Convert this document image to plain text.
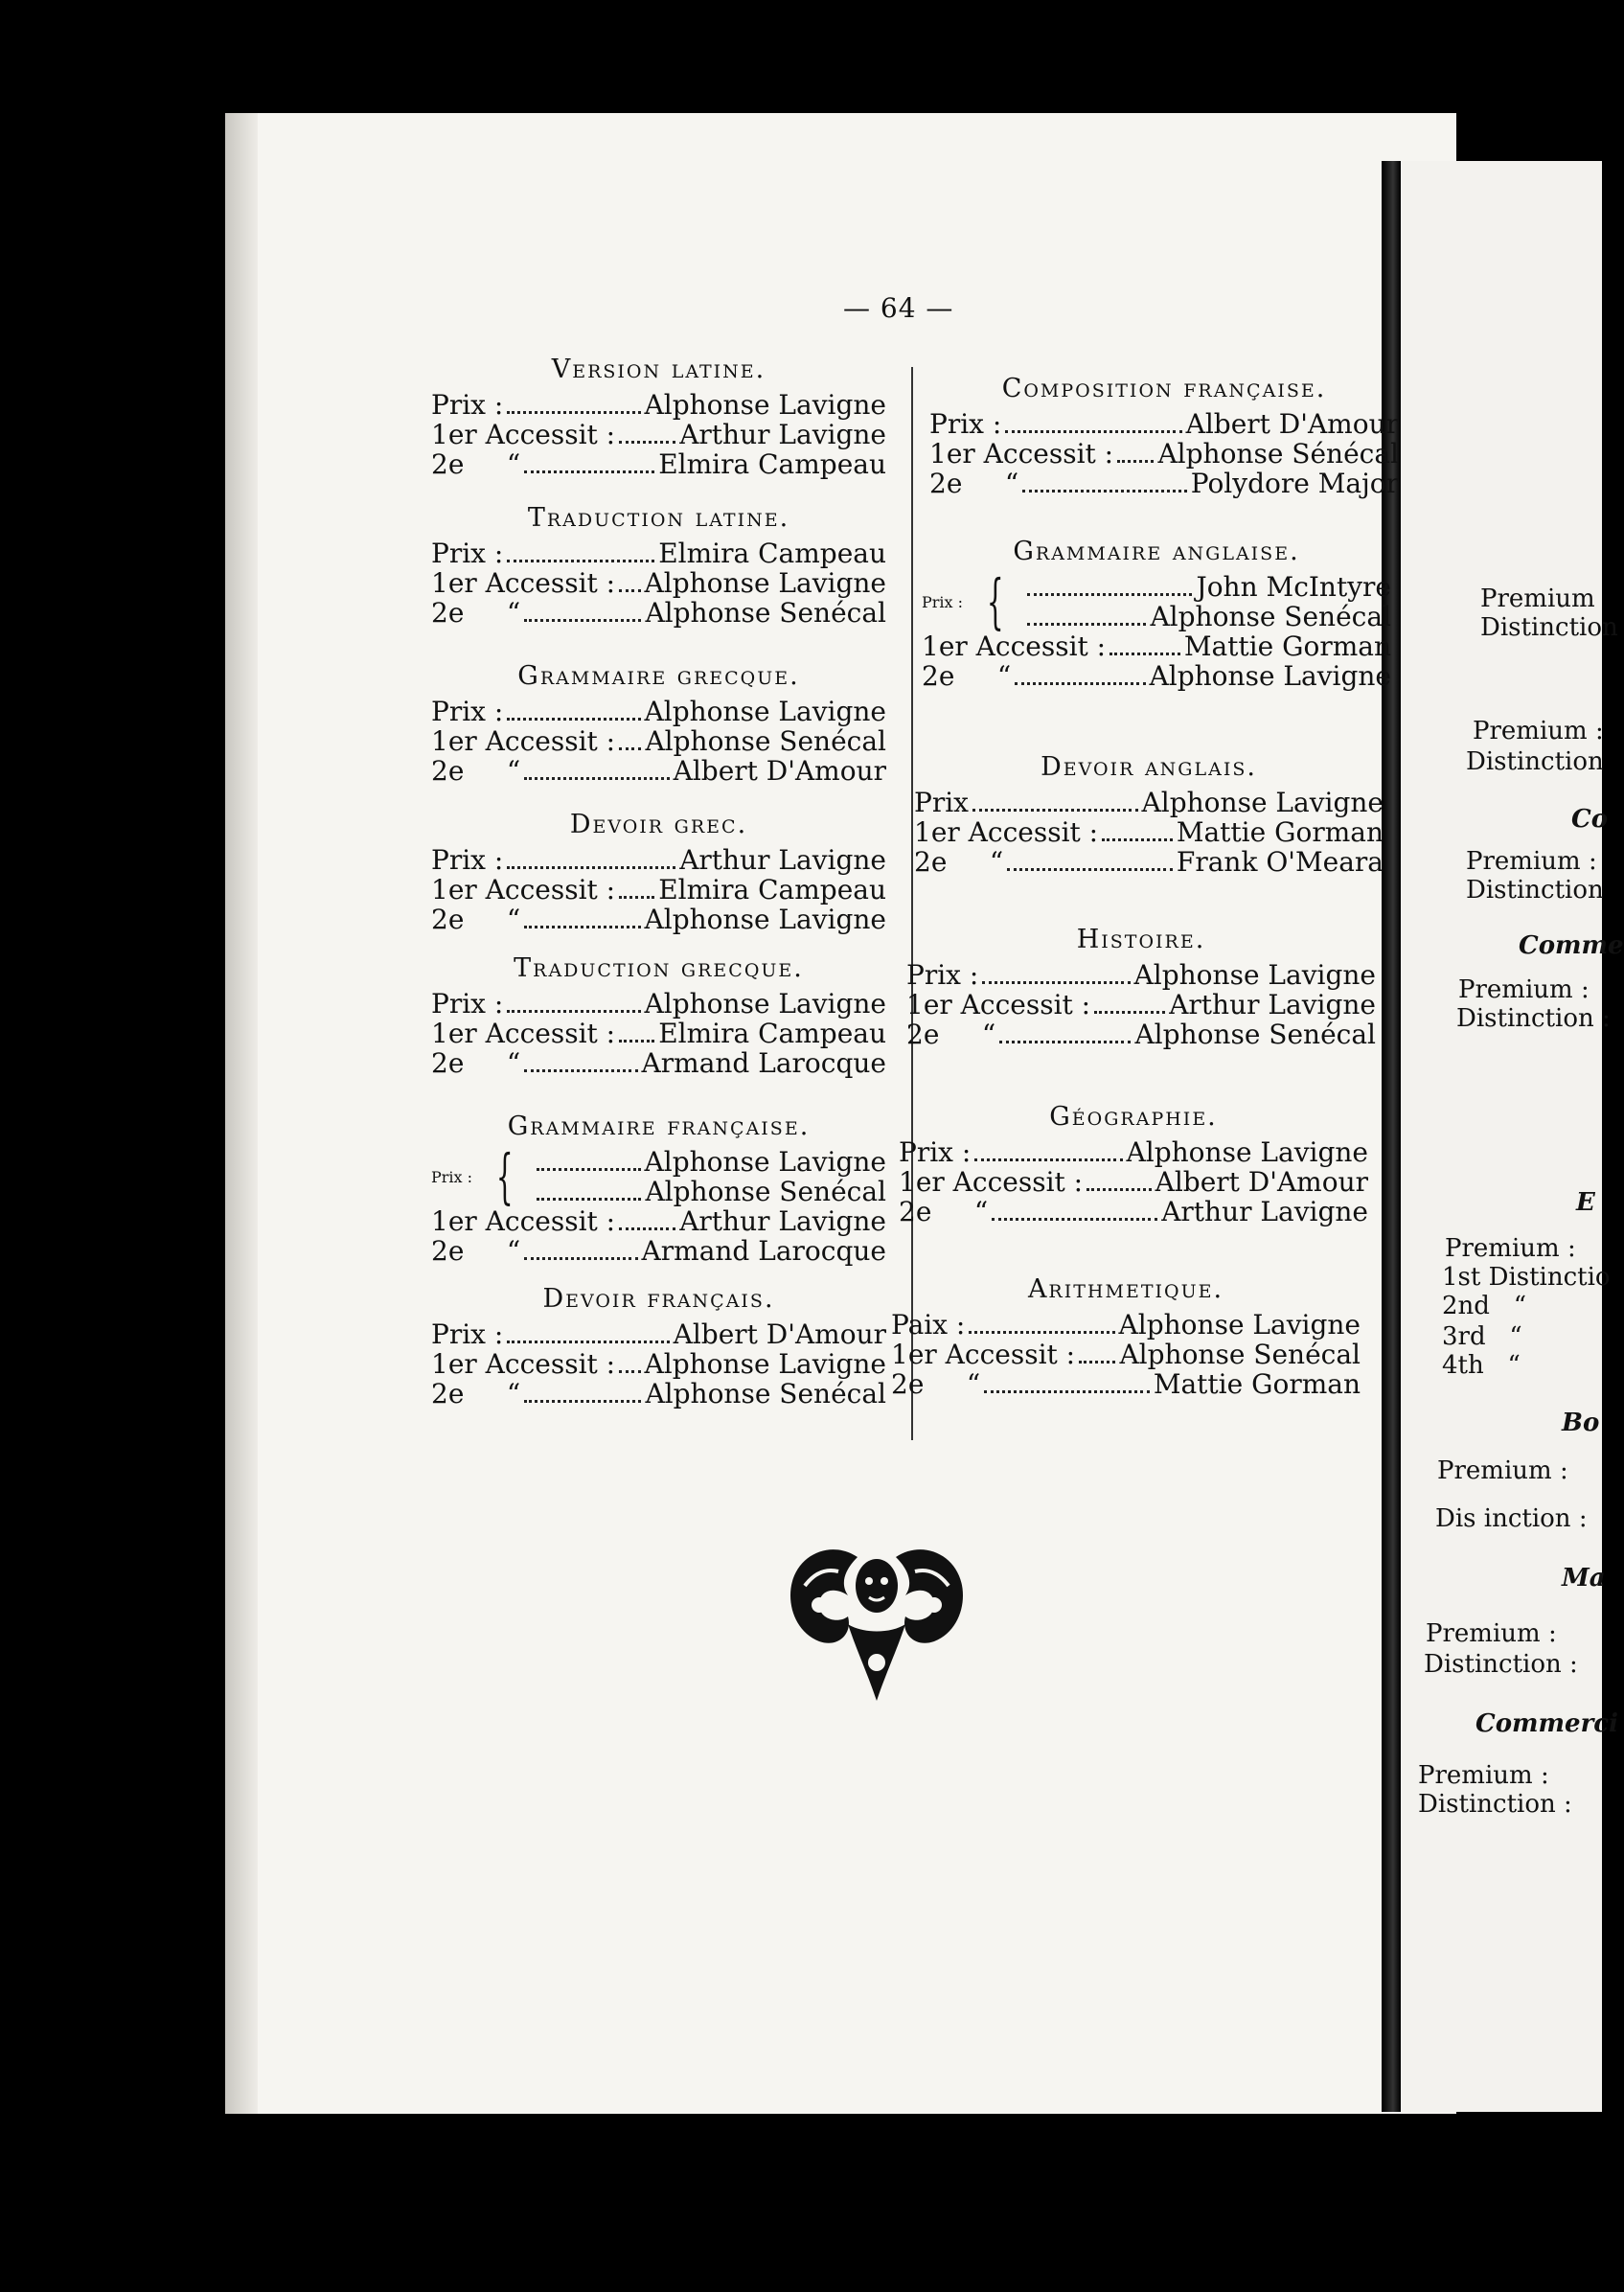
— 64 —
Version latine.
Prix :	Alphonse Lavigne
1er Accessit : Arthur Lavigne
2e     “	Elmira Campeau
Traduction latine.
Prix :	Elmira Campeau
1er Accessit : Alphonse Lavigne
2e     “	Alphonse Senécal
Grammaire grecque.
Prix :	Alphonse Lavigne
1er Accessit : Alphonse Senécal
2e     “	Albert D'Amour
Devoir grec.
Prix :	Arthur Lavigne
1er Accessit : Elmira Campeau
2e     “	Alphonse Lavigne
Traduction grecque.
Prix :	Alphonse Lavigne
1er Accessit : Elmira Campeau
2e     “	Armand Larocque
Grammaire française.
Prix : {	Alphonse Lavigne
Alphonse Senécal
1er Accessit : Arthur Lavigne
2e     “	Armand Larocque
Devoir français.
Prix :	Albert D'Amour
1er Accessit : Alphonse Lavigne
2e     “	Alphonse Senécal
Composition française.
Prix :	Albert D'Amour
1er Accessit : Alphonse Sénécal
2e     “	Polydore Major
Grammaire anglaise.
Prix : {	John McIntyre
Alphonse Senécal
1er Accessit :	Mattie Gorman
2e     “	Alphonse Lavigne
Devoir anglais.
Prix	Alphonse Lavigne
1er Accessit :	Mattie Gorman
2e     “	Frank O'Meara
Histoire.
Prix :	Alphonse Lavigne
1er Accessit :	Arthur Lavigne
2e     “	Alphonse Senécal
Géographie.
Prix :	Alphonse Lavigne
1er Accessit :	Albert D'Amour
2e     “	Arthur Lavigne
Arithmetique.
Paix :	Alphonse Lavigne
1er Accessit : Alphonse Senécal
2e     “	Mattie Gorman
Premium
Distinction
Premium :
Distinction
Co
Premium :
Distinction
Comme
Premium :
Distinction :
E
Premium :
1st Distinctio
2nd   “
3rd   “
4th   “
Bo
Premium :
Dis inction :
Ma
Premium :
Distinction :
Commerci
Premium :
Distinction :
